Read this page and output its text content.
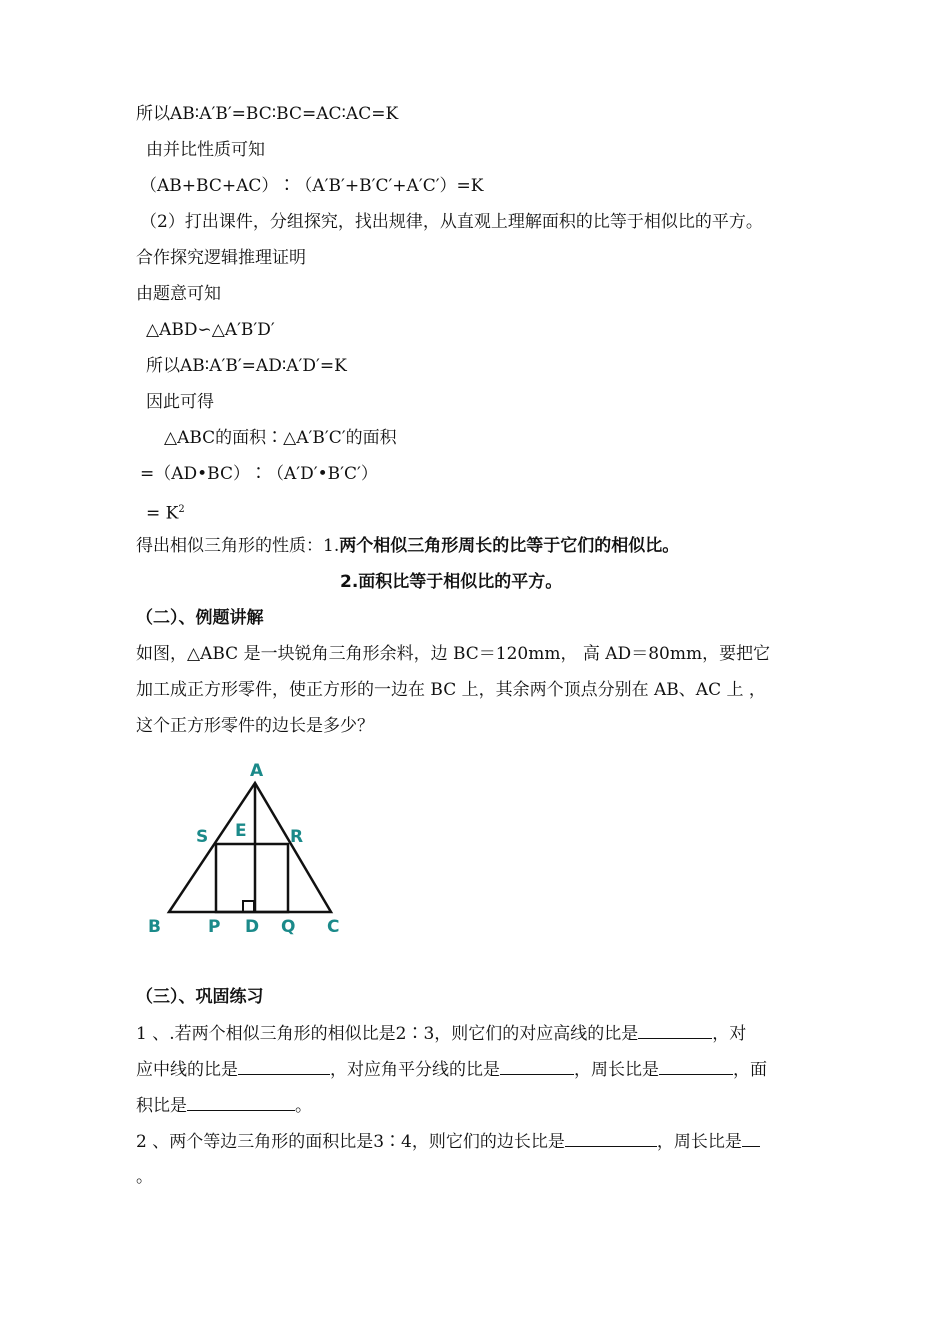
所以AB∶A′B′=BC∶BC=AC∶AC=K
由并比性质可知
（AB+BC+AC）∶（A′B′+B′C′+A′C′）=K
（2）打出课件，分组探究，找出规律，从直观上理解面积的比等于相似比的平方。
合作探究逻辑推理证明
由题意可知
△ABD∽△A′B′D′
所以AB∶A′B′=AD∶A′D′=K
因此可得
△ABC的面积∶△A′B′C′的面积
=（AD•BC）∶（A′D′•B′C′）
= $K^2$
得出相似三角形的性质：1.两个相似三角形周长的比等于它们的相似比。
2.面积比等于相似比的平方。
（二）、例题讲解
如图，△ABC 是一块锐角三角形余料，边 BC＝120mm， 高 AD＝80mm，要把它
加工成正方形零件，使正方形的一边在 BC 上，其余两个顶点分别在 AB、AC 上 ，
这个正方形零件的边长是多少？
A
S E	R
B	P D Q C
（三）、巩固练习
1 、.若两个相似三角形的相似比是2∶3，则它们的对应高线的比是	，对
应中线的比是	，对应角平分线的比是	，周长比是	，面
积比是	。
2 、两个等边三角形的面积比是3∶4，则它们的边长比是	，周长比是
。
